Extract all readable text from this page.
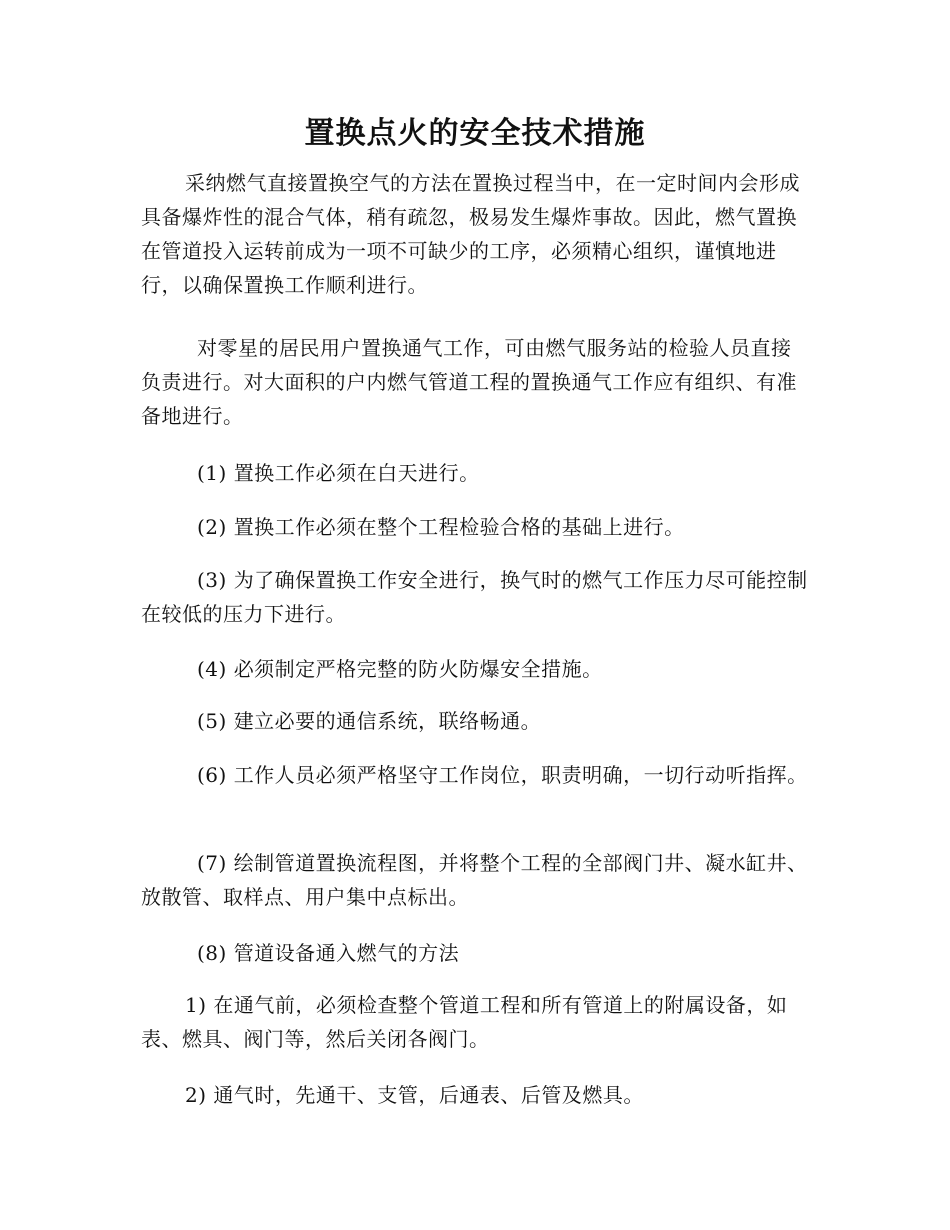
置换点火的安全技术措施

采纳燃气直接置换空气的方法在置换过程当中，在一定时间内会形成具备爆炸性的混合气体，稍有疏忽，极易发生爆炸事故。因此，燃气置换在管道投入运转前成为一项不可缺少的工序，必须精心组织，谨慎地进行，以确保置换工作顺利进行。

对零星的居民用户置换通气工作，可由燃气服务站的检验人员直接负责进行。对大面积的户内燃气管道工程的置换通气工作应有组织、有准备地进行。

(1) 置换工作必须在白天进行。

(2) 置换工作必须在整个工程检验合格的基础上进行。

(3) 为了确保置换工作安全进行，换气时的燃气工作压力尽可能控制在较低的压力下进行。

(4) 必须制定严格完整的防火防爆安全措施。

(5) 建立必要的通信系统，联络畅通。

(6) 工作人员必须严格坚守工作岗位，职责明确，一切行动听指挥。

(7) 绘制管道置换流程图，并将整个工程的全部阀门井、凝水缸井、放散管、取样点、用户集中点标出。

(8) 管道设备通入燃气的方法

1) 在通气前，必须检查整个管道工程和所有管道上的附属设备，如表、燃具、阀门等，然后关闭各阀门。

2) 通气时，先通干、支管，后通表、后管及燃具。
